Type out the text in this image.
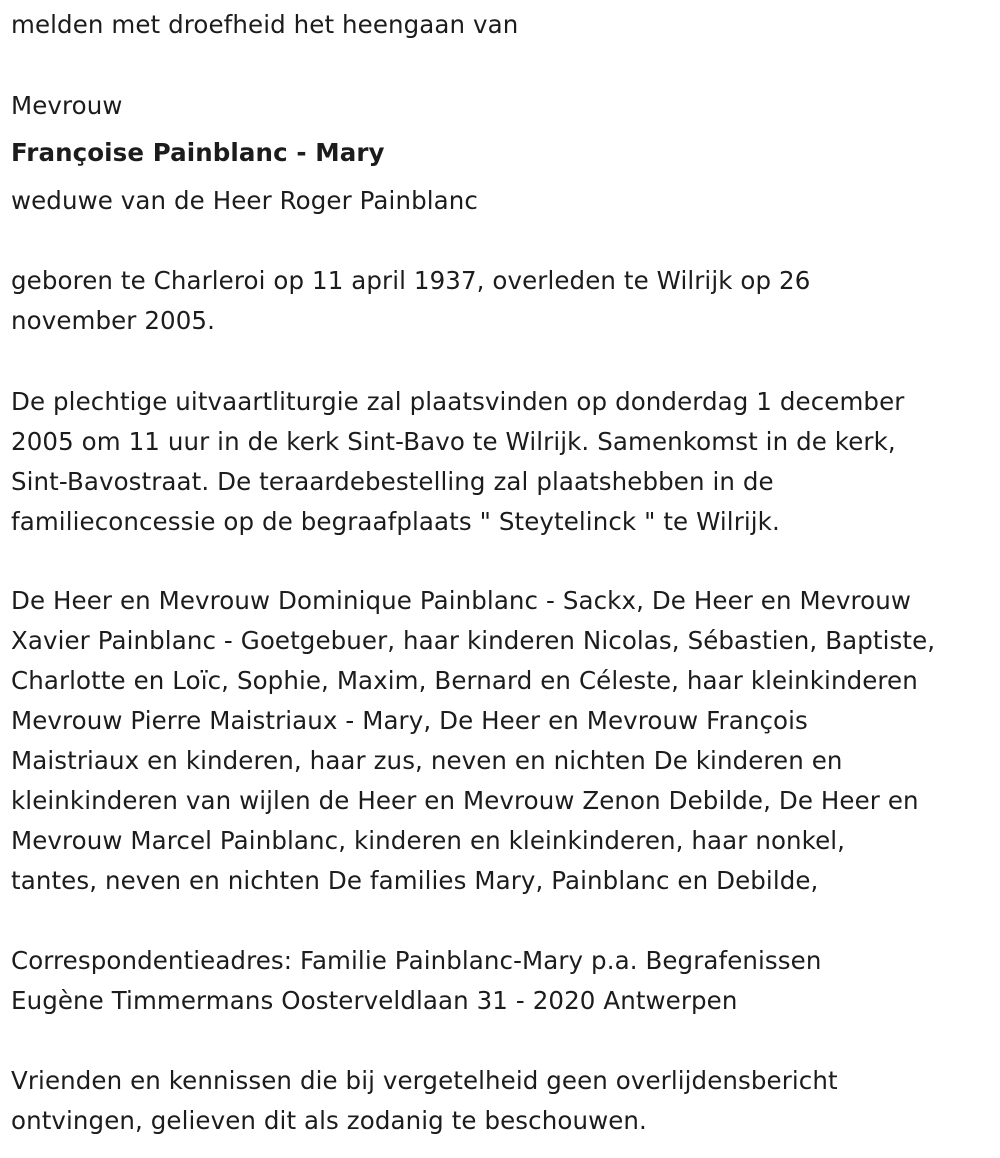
melden met droefheid het heengaan van
Mevrouw
Françoise Painblanc - Mary
weduwe van de Heer Roger Painblanc
geboren te Charleroi op 11 april 1937, overleden te Wilrijk op 26
november 2005.
De plechtige uitvaartliturgie zal plaatsvinden op donderdag 1 december
2005 om 11 uur in de kerk Sint-Bavo te Wilrijk. Samenkomst in de kerk,
Sint-Bavostraat. De teraardebestelling zal plaatshebben in de
familieconcessie op de begraafplaats " Steytelinck " te Wilrijk.
De Heer en Mevrouw Dominique Painblanc - Sackx, De Heer en Mevrouw
Xavier Painblanc - Goetgebuer, haar kinderen Nicolas, Sébastien, Baptiste,
Charlotte en Loïc, Sophie, Maxim, Bernard en Céleste, haar kleinkinderen
Mevrouw Pierre Maistriaux - Mary, De Heer en Mevrouw François
Maistriaux en kinderen, haar zus, neven en nichten De kinderen en
kleinkinderen van wijlen de Heer en Mevrouw Zenon Debilde, De Heer en
Mevrouw Marcel Painblanc, kinderen en kleinkinderen, haar nonkel,
tantes, neven en nichten De families Mary, Painblanc en Debilde,
Correspondentieadres: Familie Painblanc-Mary p.a. Begrafenissen
Eugène Timmermans Oosterveldlaan 31 - 2020 Antwerpen
Vrienden en kennissen die bij vergetelheid geen overlijdensbericht
ontvingen, gelieven dit als zodanig te beschouwen.
